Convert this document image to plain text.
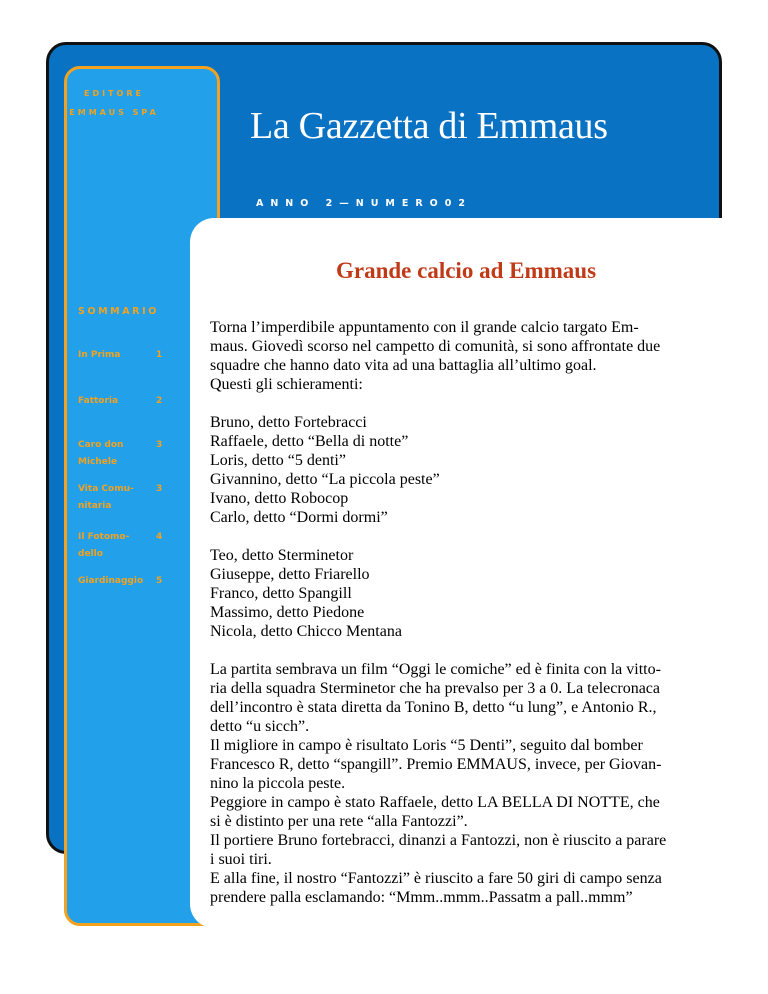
EDITORE
EMMAUS SPA La Gazzetta di Emmaus
ANNO 2—NUMERO02
SOMMARIO
In Prima	1
Fattoria	2
Caro don Michele
3
Vita Comu-nitaria
3
Il Fotomo-dello
4
Giardinaggio 5
Grande calcio ad Emmaus

Torna l’imperdibile appuntamento con il grande calcio targato Em-
maus. Giovedì scorso nel campetto di comunità, si sono affrontate due
squadre che hanno dato vita ad una battaglia all’ultimo goal.
Questi gli schieramenti:

Bruno, detto Fortebracci
Raffaele, detto “Bella di notte”
Loris, detto “5 denti”
Givannino, detto “La piccola peste”
Ivano, detto Robocop
Carlo, detto “Dormi dormi”

Teo, detto Sterminetor
Giuseppe, detto Friarello
Franco, detto Spangill
Massimo, detto Piedone
Nicola, detto Chicco Mentana

La partita sembrava un film “Oggi le comiche” ed è finita con la vitto-
ria della squadra Sterminetor che ha prevalso per 3 a 0. La telecronaca
dell’incontro è stata diretta da Tonino B, detto “u lung”, e Antonio R.,
detto “u sicch”.
Il migliore in campo è risultato Loris “5 Denti”, seguito dal bomber
Francesco R, detto “spangill”. Premio EMMAUS, invece, per Giovan-
nino la piccola peste.
Peggiore in campo è stato Raffaele, detto LA BELLA DI NOTTE, che
si è distinto per una rete “alla Fantozzi”.
Il portiere Bruno fortebracci, dinanzi a Fantozzi, non è riuscito a parare
i suoi tiri.
E alla fine, il nostro “Fantozzi” è riuscito a fare 50 giri di campo senza
prendere palla esclamando: “Mmm..mmm..Passatm a pall..mmm”
